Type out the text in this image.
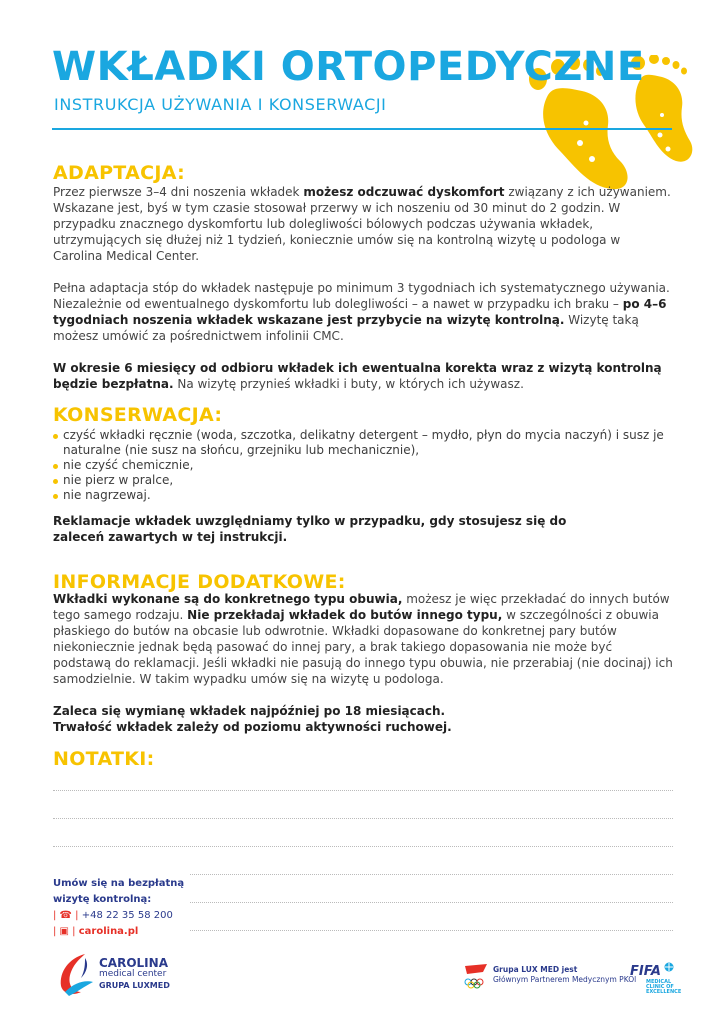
WKŁADKI ORTOPEDYCZNE
INSTRUKCJA UŻYWANIA I KONSERWACJI
ADAPTACJA:

Przez pierwsze 3–4 dni noszenia wkładek możesz odczuwać dyskomfort związany z ich używaniem. Wskazane jest, byś w tym czasie stosował przerwy w ich noszeniu od 30 minut do 2 godzin. W przypadku znacznego dyskomfortu lub dolegliwości bólowych podczas używania wkładek, utrzymujących się dłużej niż 1 tydzień, koniecznie umów się na kontrolną wizytę u podologa w Carolina Medical Center.

Pełna adaptacja stóp do wkładek następuje po minimum 3 tygodniach ich systematycznego używania. Niezależnie od ewentualnego dyskomfortu lub dolegliwości – a nawet w przypadku ich braku – po 4–6 tygodniach noszenia wkładek wskazane jest przybycie na wizytę kontrolną. Wizytę taką możesz umówić za pośrednictwem infolinii CMC.

W okresie 6 miesięcy od odbioru wkładek ich ewentualna korekta wraz z wizytą kontrolną będzie bezpłatna. Na wizytę przynieś wkładki i buty, w których ich używasz.

KONSERWACJA:
czyść wkładki ręcznie (woda, szczotka, delikatny detergent – mydło, płyn do mycia naczyń) i susz je naturalne (nie susz na słońcu, grzejniku lub mechanicznie),
nie czyść chemicznie,
nie pierz w pralce,
nie nagrzewaj.
Reklamacje wkładek uwzględniamy tylko w przypadku, gdy stosujesz się do zaleceń zawartych w tej instrukcji.
INFORMACJE DODATKOWE:

Wkładki wykonane są do konkretnego typu obuwia, możesz je więc przekładać do innych butów tego samego rodzaju. Nie przekładaj wkładek do butów innego typu, w szczególności z obuwia płaskiego do butów na obcasie lub odwrotnie. Wkładki dopasowane do konkretnej pary butów niekoniecznie jednak będą pasować do innej pary, a brak takiego dopasowania nie może być podstawą do reklamacji. Jeśli wkładki nie pasują do innego typu obuwia, nie przerabiaj (nie docinaj) ich samodzielnie. W takim wypadku umów się na wizytę u podologa.

Zaleca się wymianę wkładek najpóźniej po 18 miesiącach.

Trwałość wkładek zależy od poziomu aktywności ruchowej.

NOTATKI:
Umów się na bezpłatną
wizytę kontrolną:
| ☎ | +48 22 35 58 200
| ▣ | carolina.pl
CAROLINA
medical center
GRUPA LUXMED
Grupa LUX MED jest
Głównym Partnerem Medycznym PKOl
FIFA
MEDICAL
CLINIC OF
EXCELLENCE
